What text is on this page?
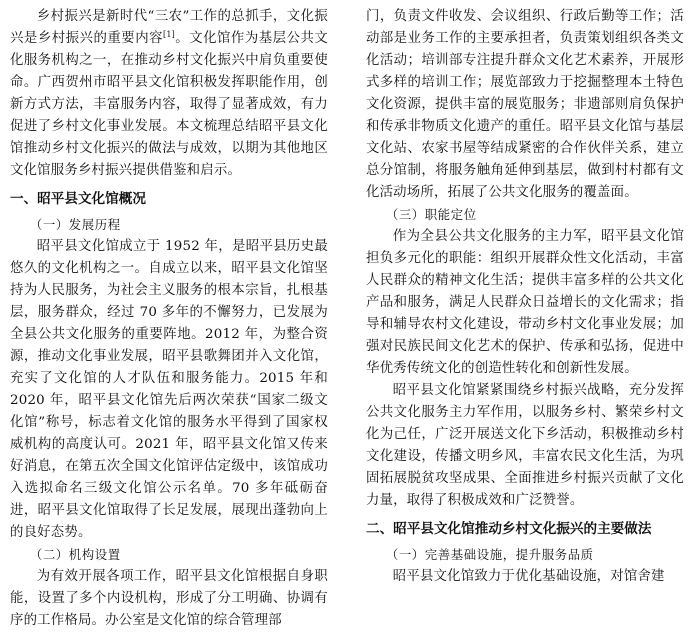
乡村振兴是新时代“三农”工作的总抓手，文化振兴是乡村振兴的重要内容[1]。文化馆作为基层公共文化服务机构之一，在推动乡村文化振兴中肩负重要使命。广西贺州市昭平县文化馆积极发挥职能作用，创新方式方法，丰富服务内容，取得了显著成效，有力促进了乡村文化事业发展。本文梳理总结昭平县文化馆推动乡村文化振兴的做法与成效，以期为其他地区文化馆服务乡村振兴提供借鉴和启示。

一、昭平县文化馆概况
（一）发展历程

昭平县文化馆成立于 1952 年，是昭平县历史最悠久的文化机构之一。自成立以来，昭平县文化馆坚持为人民服务，为社会主义服务的根本宗旨，扎根基层，服务群众，经过 70 多年的不懈努力，已发展为全县公共文化服务的重要阵地。2012 年，为整合资源，推动文化事业发展，昭平县歌舞团并入文化馆，充实了文化馆的人才队伍和服务能力。2015 年和 2020 年，昭平县文化馆先后两次荣获“国家二级文化馆”称号，标志着文化馆的服务水平得到了国家权威机构的高度认可。2021 年，昭平县文化馆又传来好消息，在第五次全国文化馆评估定级中，该馆成功入选拟命名三级文化馆公示名单。70 多年砥砺奋进，昭平县文化馆取得了长足发展，展现出蓬勃向上的良好态势。

（二）机构设置

为有效开展各项工作，昭平县文化馆根据自身职能，设置了多个内设机构，形成了分工明确、协调有序的工作格局。办公室是文化馆的综合管理部

门，负责文件收发、会议组织、行政后勤等工作；活动部是业务工作的主要承担者，负责策划组织各类文化活动；培训部专注提升群众文化艺术素养，开展形式多样的培训工作；展览部致力于挖掘整理本土特色文化资源，提供丰富的展览服务；非遗部则肩负保护和传承非物质文化遗产的重任。昭平县文化馆与基层文化站、农家书屋等结成紧密的合作伙伴关系，建立总分馆制，将服务触角延伸到基层，做到村村都有文化活动场所，拓展了公共文化服务的覆盖面。

（三）职能定位

作为全县公共文化服务的主力军，昭平县文化馆担负多元化的职能：组织开展群众性文化活动，丰富人民群众的精神文化生活；提供丰富多样的公共文化产品和服务，满足人民群众日益增长的文化需求；指导和辅导农村文化建设，带动乡村文化事业发展；加强对民族民间文化艺术的保护、传承和弘扬，促进中华优秀传统文化的创造性转化和创新性发展。

昭平县文化馆紧紧围绕乡村振兴战略，充分发挥公共文化服务主力军作用，以服务乡村、繁荣乡村文化为己任，广泛开展送文化下乡活动，积极推动乡村文化建设，传播文明乡风，丰富农民文化生活，为巩固拓展脱贫攻坚成果、全面推进乡村振兴贡献了文化力量，取得了积极成效和广泛赞誉。

二、昭平县文化馆推动乡村文化振兴的主要做法
（一）完善基础设施，提升服务品质

昭平县文化馆致力于优化基础设施，对馆舍建
